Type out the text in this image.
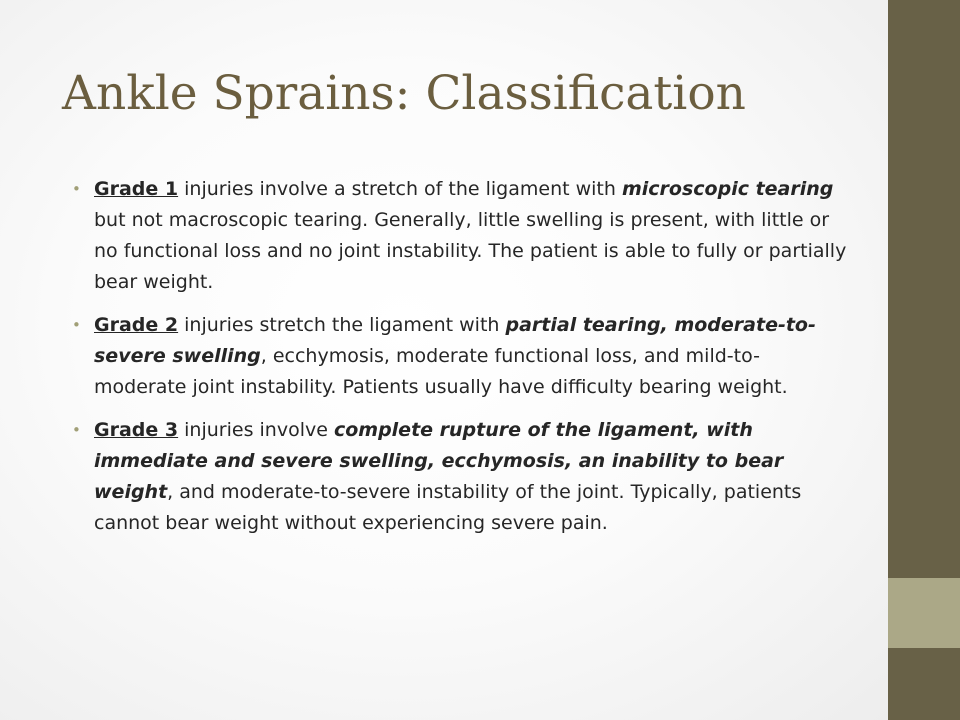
Ankle Sprains: Classification
• Grade 1 injuries involve a stretch of the ligament with microscopic tearing but not macroscopic tearing. Generally, little swelling is present, with little or no functional loss and no joint instability. The patient is able to fully or partially bear weight.
• Grade 2 injuries stretch the ligament with partial tearing, moderate-to-severe swelling, ecchymosis, moderate functional loss, and mild-to-moderate joint instability. Patients usually have difficulty bearing weight.
• Grade 3 injuries involve complete rupture of the ligament, with immediate and severe swelling, ecchymosis, an inability to bear weight, and moderate-to-severe instability of the joint. Typically, patients cannot bear weight without experiencing severe pain.
